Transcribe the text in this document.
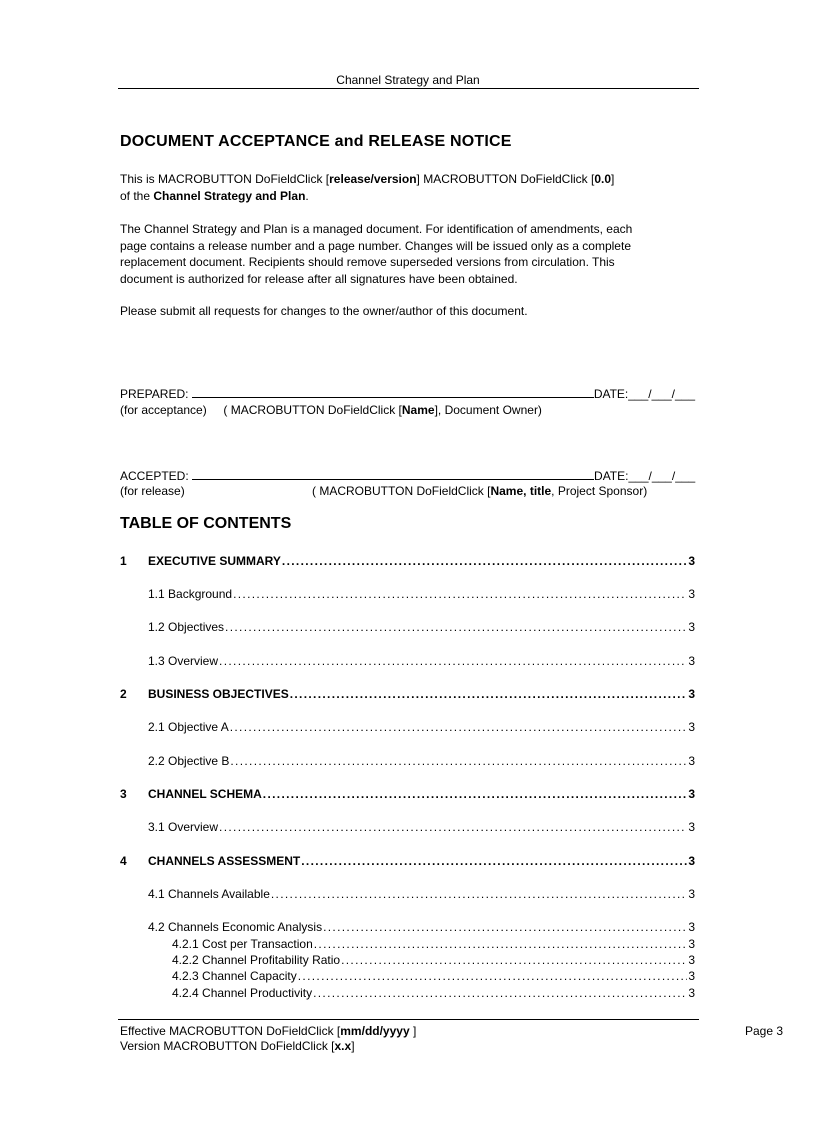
Channel Strategy and Plan
DOCUMENT ACCEPTANCE and RELEASE NOTICE
This is MACROBUTTON DoFieldClick [release/version] MACROBUTTON DoFieldClick [0.0]
of the Channel Strategy and Plan.
The Channel Strategy and Plan is a managed document. For identification of amendments, each
page contains a release number and a page number. Changes will be issued only as a complete
replacement document. Recipients should remove superseded versions from circulation. This
document is authorized for release after all signatures have been obtained.
Please submit all requests for changes to the owner/author of this document.
PREPARED:	DATE:___/___/___
(for acceptance) ( MACROBUTTON DoFieldClick [Name], Document Owner)
ACCEPTED:	DATE:___/___/___
(for release)	( MACROBUTTON DoFieldClick [Name, title, Project Sponsor)
TABLE OF CONTENTS
1	EXECUTIVE SUMMARY . . .	3
1.1 Background . . .	3
1.2 Objectives . . .	3
1.3 Overview . . .	3
2	BUSINESS OBJECTIVES . . .	3
2.1 Objective A . . .	3
2.2 Objective B . . .	3
3	CHANNEL SCHEMA . . .	3
3.1 Overview . . .	3
4	CHANNELS ASSESSMENT . . .	3
4.1 Channels Available . . .	3
4.2 Channels Economic Analysis . . .	3
4.2.1 Cost per Transaction . . .	3
4.2.2 Channel Profitability Ratio . . .	3
4.2.3 Channel Capacity . . .	3
4.2.4 Channel Productivity . . .	3
Effective MACROBUTTON DoFieldClick [mm/dd/yyyy ]
Version MACROBUTTON DoFieldClick [x.x]
Page 3
